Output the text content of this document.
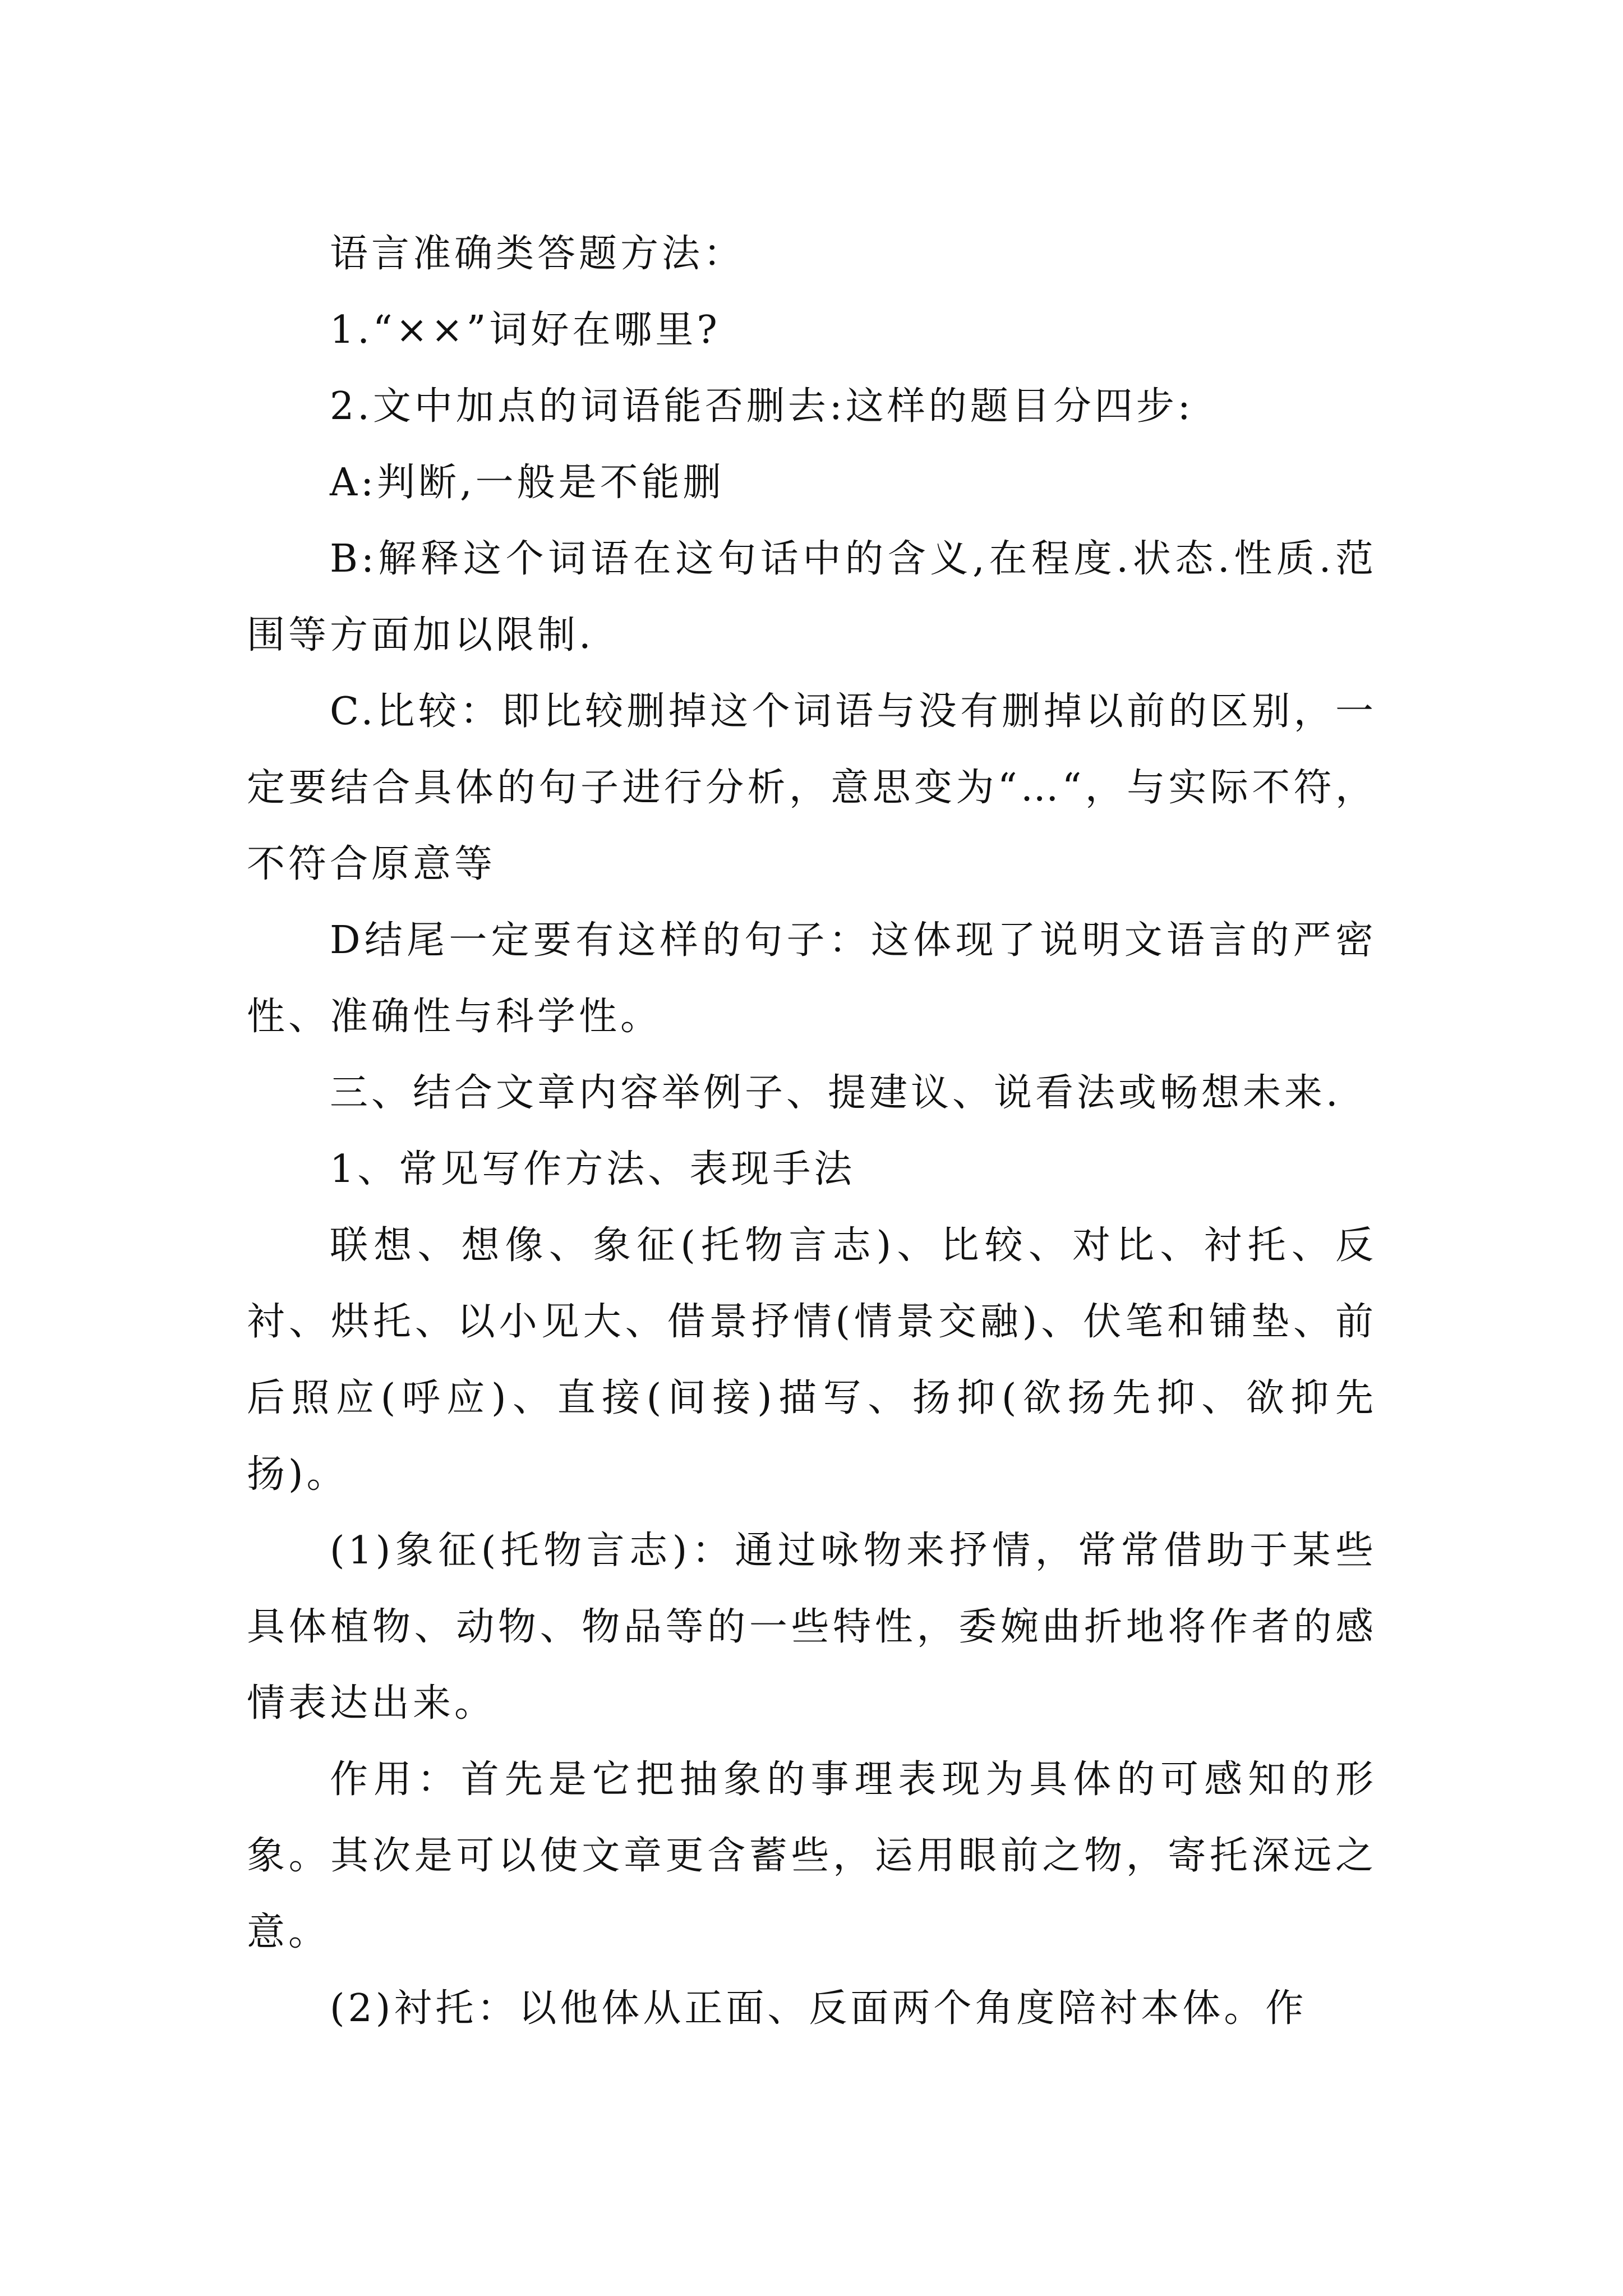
语言准确类答题方法：

1.“××”词好在哪里?

2.文中加点的词语能否删去:这样的题目分四步:

A:判断,一般是不能删

B:解释这个词语在这句话中的含义,在程度.状态.性质.范围等方面加以限制.

C.比较：即比较删掉这个词语与没有删掉以前的区别，一定要结合具体的句子进行分析，意思变为“…“，与实际不符，不符合原意等

D结尾一定要有这样的句子：这体现了说明文语言的严密性、准确性与科学性。

三、结合文章内容举例子、提建议、说看法或畅想未来.

1、常见写作方法、表现手法

联想、想像、象征(托物言志)、比较、对比、衬托、反衬、烘托、以小见大、借景抒情(情景交融)、伏笔和铺垫、前后照应(呼应)、直接(间接)描写、扬抑(欲扬先抑、欲抑先扬)。

(1)象征(托物言志)：通过咏物来抒情，常常借助于某些具体植物、动物、物品等的一些特性，委婉曲折地将作者的感情表达出来。

作用：首先是它把抽象的事理表现为具体的可感知的形象。其次是可以使文章更含蓄些，运用眼前之物，寄托深远之意。

(2)衬托：以他体从正面、反面两个角度陪衬本体。作
